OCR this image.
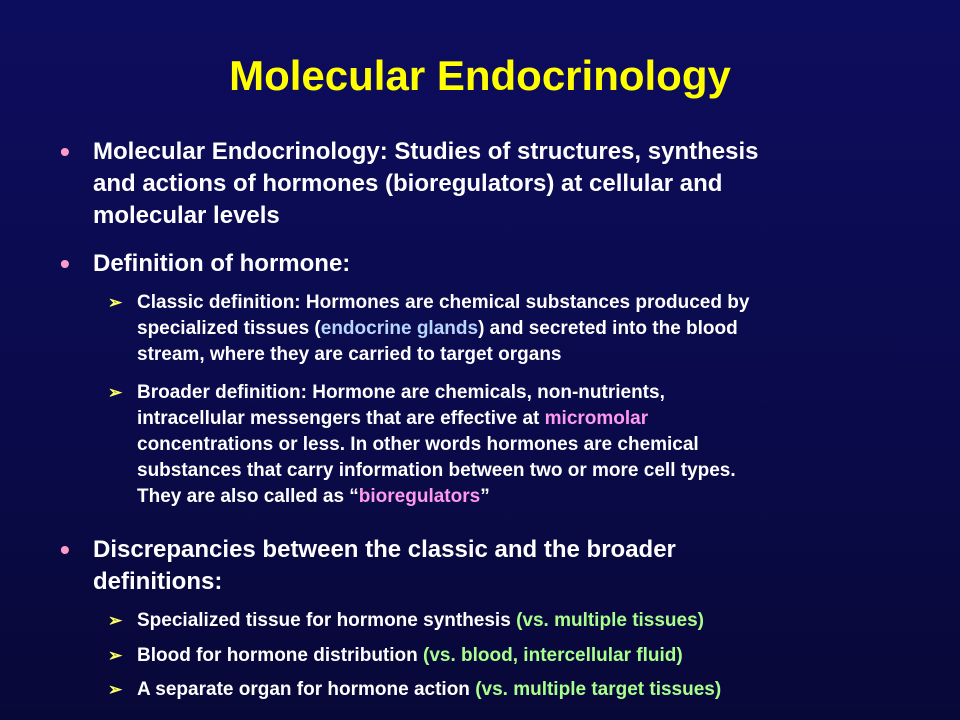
Molecular Endocrinology
• Molecular Endocrinology: Studies of structures, synthesis
and actions of hormones (bioregulators) at cellular and
molecular levels
• Definition of hormone:
➢ Classic definition: Hormones are chemical substances produced by
specialized tissues (endocrine glands) and secreted into the blood
stream, where they are carried to target organs
➢ Broader definition: Hormone are chemicals, non-nutrients,
intracellular messengers that are effective at micromolar
concentrations or less. In other words hormones are chemical
substances that carry information between two or more cell types.
They are also called as “bioregulators”
• Discrepancies between the classic and the broader
definitions:
➢ Specialized tissue for hormone synthesis (vs. multiple tissues)
➢ Blood for hormone distribution (vs. blood, intercellular fluid)
➢ A separate organ for hormone action (vs. multiple target tissues)
